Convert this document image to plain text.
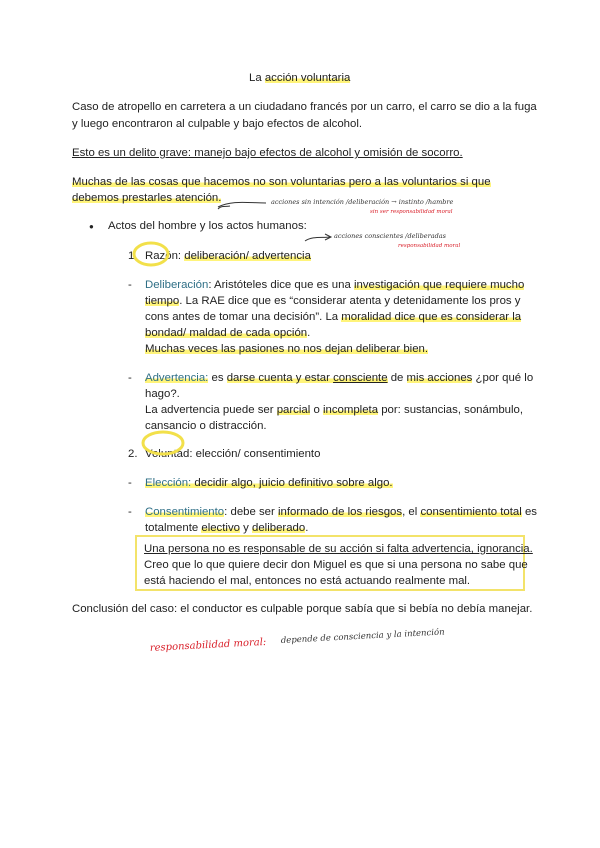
La acción voluntaria
Caso de atropello en carretera a un ciudadano francés por un carro, el carro se dio a la fuga
y luego encontraron al culpable y bajo efectos de alcohol.
Esto es un delito grave: manejo bajo efectos de alcohol y omisión de socorro.
Muchas de las cosas que hacemos no son voluntarias pero a las voluntarios si que
debemos prestarles atención.
● Actos del hombre y los actos humanos:
1. Razón: deliberación/ advertencia
- Deliberación: Aristóteles dice que es una investigación que requiere mucho
tiempo. La RAE dice que es “considerar atenta y detenidamente los pros y
cons antes de tomar una decisión”. La moralidad dice que es considerar la
bondad/ maldad de cada opción.
Muchas veces las pasiones no nos dejan deliberar bien.
- Advertencia: es darse cuenta y estar consciente de mis acciones ¿por qué lo
hago?.
La advertencia puede ser parcial o incompleta por: sustancias, sonámbulo,
cansancio o distracción.
2. Voluntad: elección/ consentimiento
- Elección: decidir algo, juicio definitivo sobre algo.
- Consentimiento: debe ser informado de los riesgos, el consentimiento total es
totalmente electivo y deliberado.
Una persona no es responsable de su acción si falta advertencia, ignorancia.
Creo que lo que quiere decir don Miguel es que si una persona no sabe que
está haciendo el mal, entonces no está actuando realmente mal.
Conclusión del caso: el conductor es culpable porque sabía que si bebía no debía manejar.
acciones sin intención /deliberación → instinto /hambre
sin ser responsabilidad moral
acciones conscientes /deliberadas
responsabilidad moral
responsabilidad moral: depende de consciencia y la intención
